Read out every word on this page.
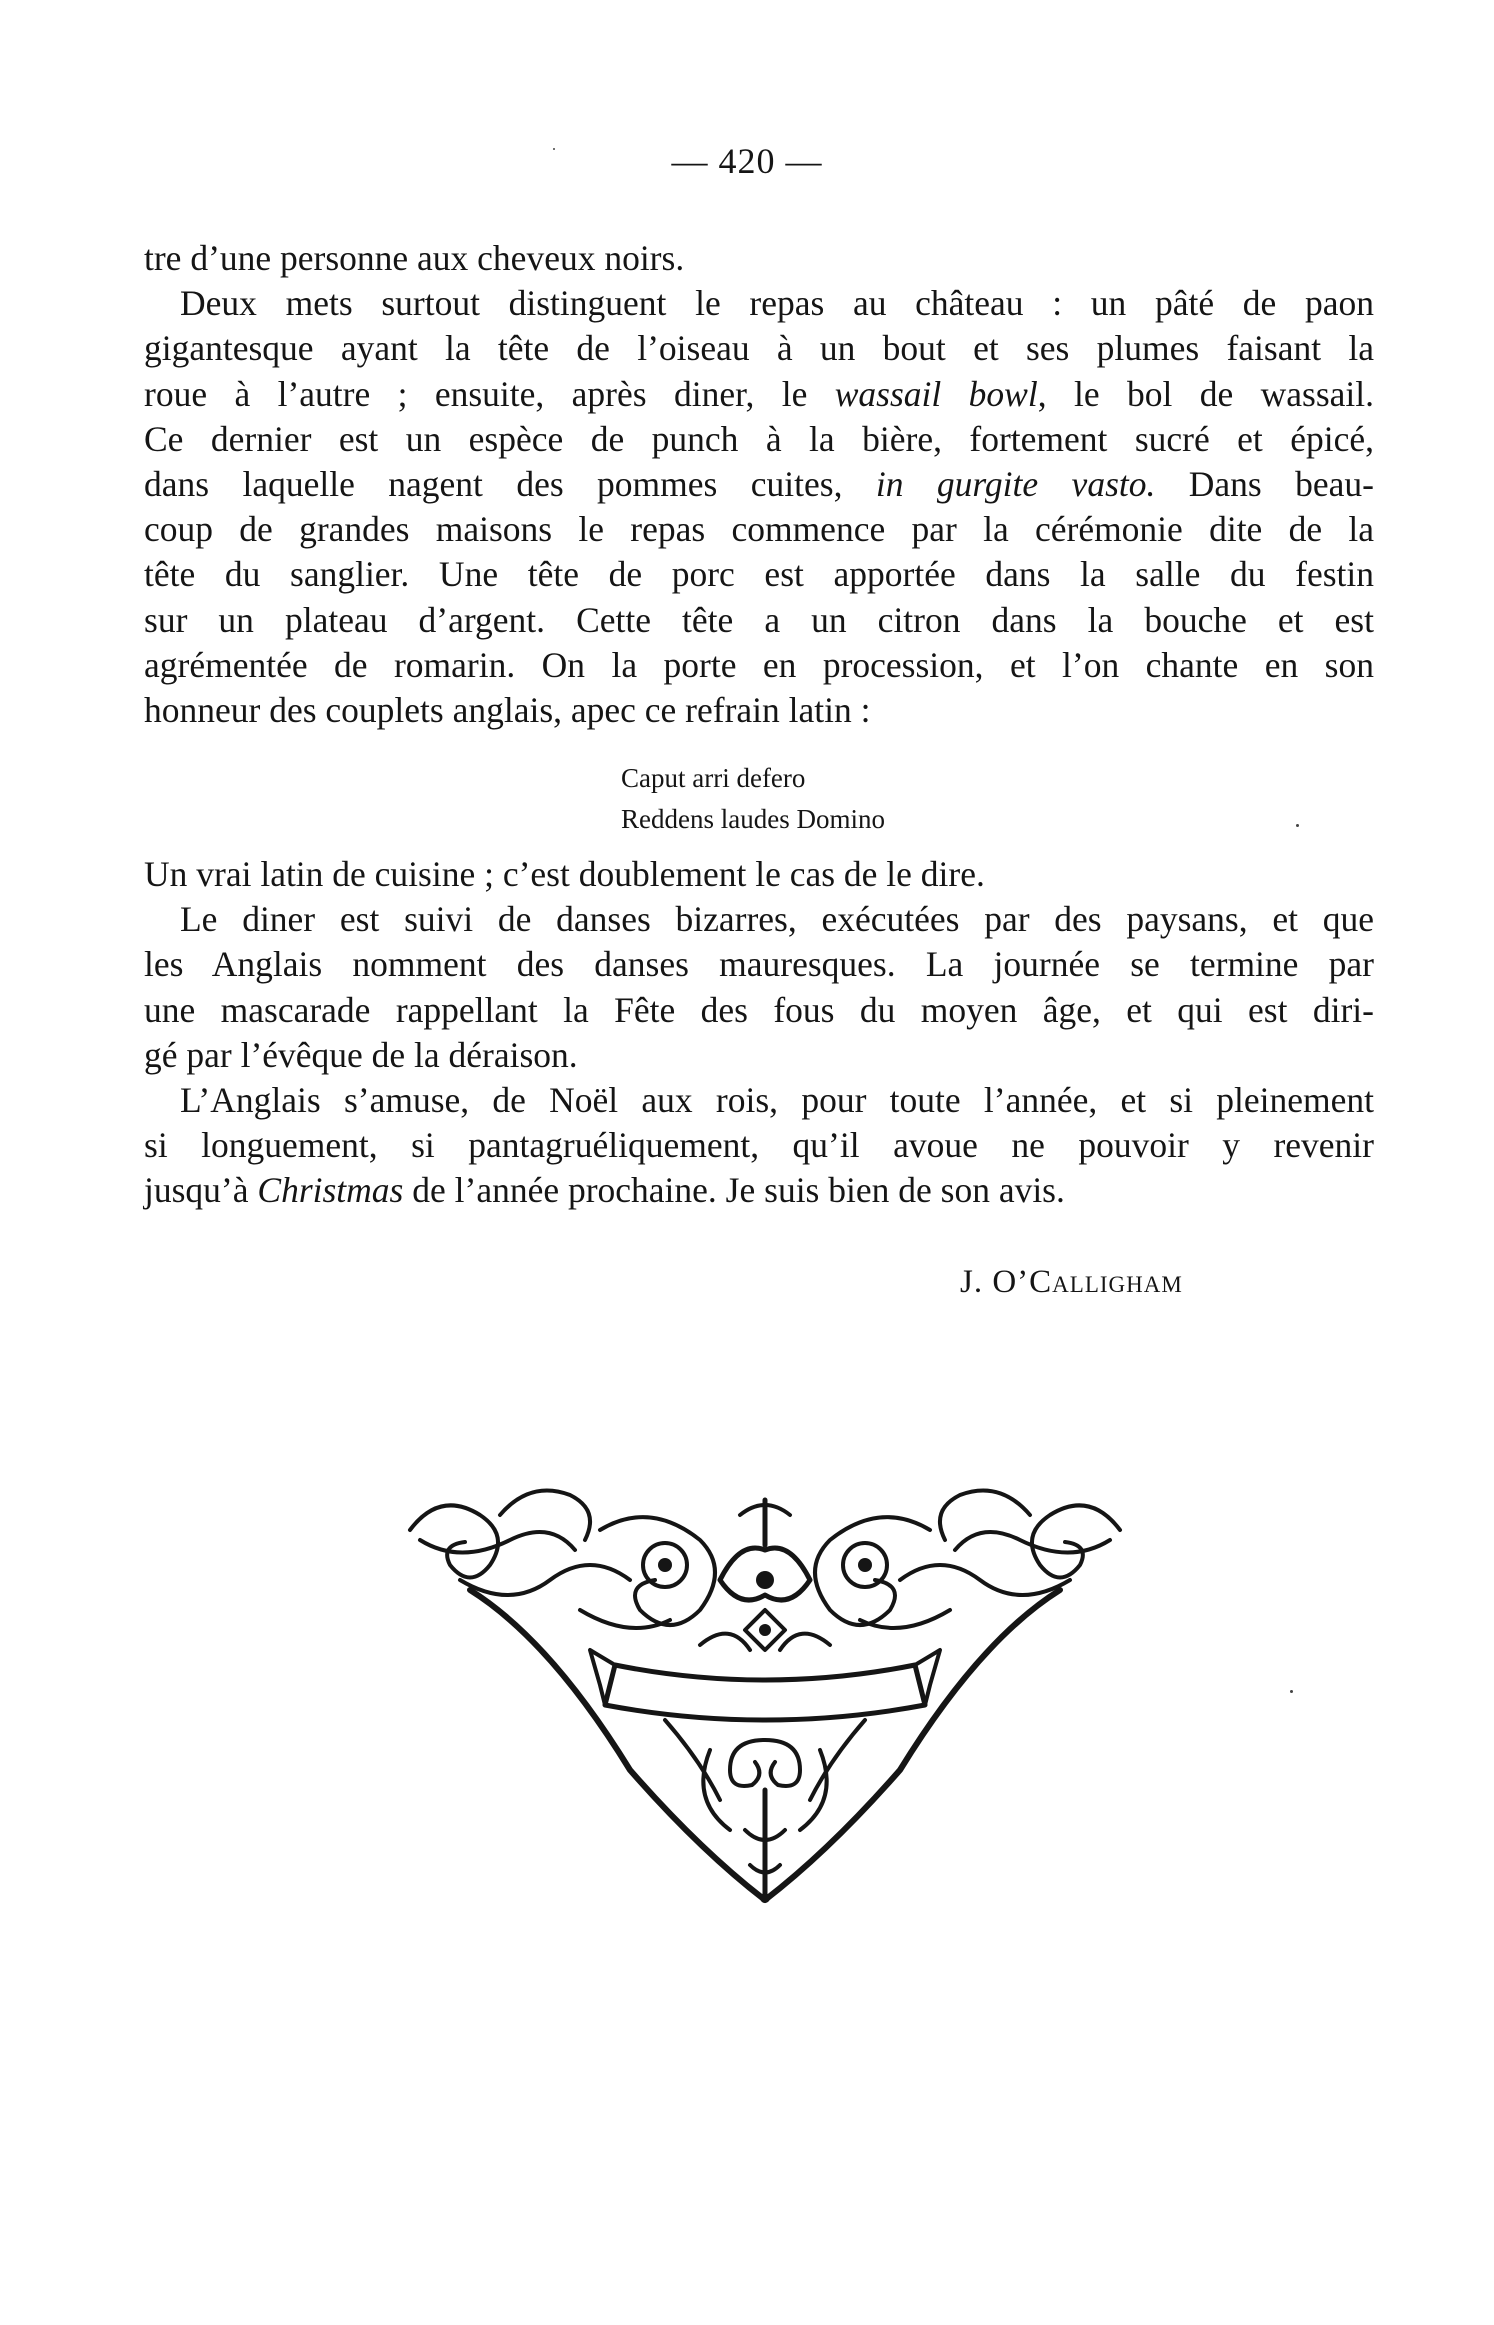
— 420 —
tre d’une personne aux cheveux noirs.
Deux mets surtout distinguent le repas au château : un pâté de paon
gigantesque ayant la tête de l’oiseau à un bout et ses plumes faisant la
roue à l’autre ; ensuite, après diner, le wassail bowl, le bol de wassail.
Ce dernier est un espèce de punch à la bière, fortement sucré et épicé,
dans laquelle nagent des pommes cuites, in gurgite vasto. Dans beau-
coup de grandes maisons le repas commence par la cérémonie dite de la
tête du sanglier. Une tête de porc est apportée dans la salle du festin
sur un plateau d’argent. Cette tête a un citron dans la bouche et est
agrémentée de romarin. On la porte en procession, et l’on chante en son
honneur des couplets anglais, apec ce refrain latin :
Caput arri defero
Reddens laudes Domino
Un vrai latin de cuisine ; c’est doublement le cas de le dire.
Le diner est suivi de danses bizarres, exécutées par des paysans, et que
les Anglais nomment des danses mauresques. La journée se termine par
une mascarade rappellant la Fête des fous du moyen âge, et qui est diri-
gé par l’évêque de la déraison.
L’Anglais s’amuse, de Noël aux rois, pour toute l’année, et si pleinement
si longuement, si pantagruéliquement, qu’il avoue ne pouvoir y revenir
jusqu’à Christmas de l’année prochaine. Je suis bien de son avis.
J. O’Calligham
